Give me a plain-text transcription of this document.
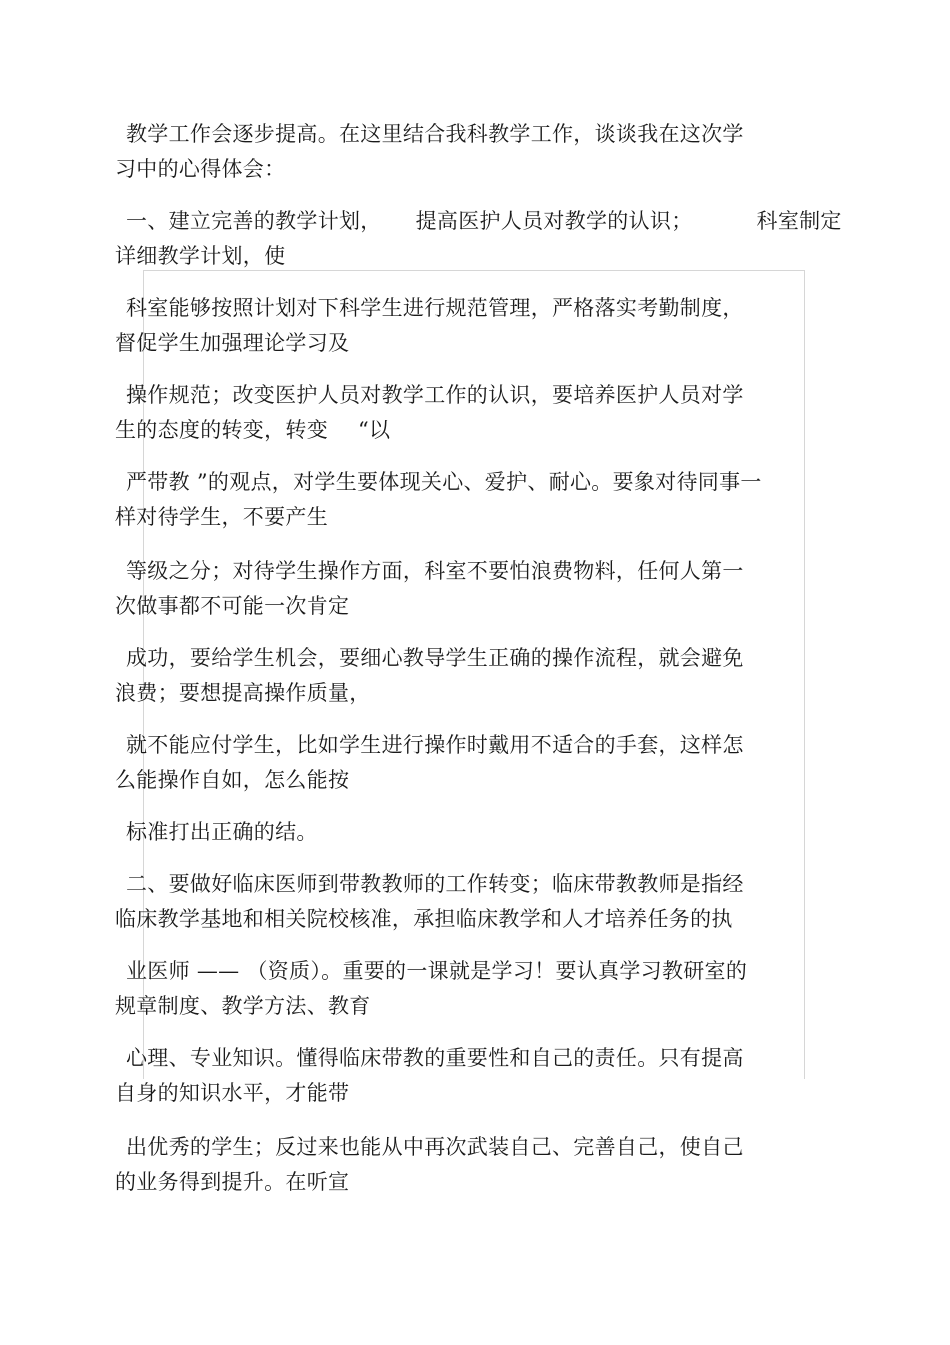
教学工作会逐步提高。在这里结合我科教学工作，谈谈我在这次学
习中的心得体会：
一、建立完善的教学计划， 提高医护人员对教学的认识；	科室制定
详细教学计划，使
科室能够按照计划对下科学生进行规范管理，严格落实考勤制度，
督促学生加强理论学习及
操作规范；改变医护人员对教学工作的认识，要培养医护人员对学
生的态度的转变，转变 “以
严带教 ”的观点，对学生要体现关心、爱护、耐心。要象对待同事一
样对待学生，不要产生
等级之分；对待学生操作方面，科室不要怕浪费物料，任何人第一
次做事都不可能一次肯定
成功，要给学生机会，要细心教导学生正确的操作流程，就会避免
浪费；要想提高操作质量，
就不能应付学生，比如学生进行操作时戴用不适合的手套，这样怎
么能操作自如，怎么能按
标准打出正确的结。
二、要做好临床医师到带教教师的工作转变；临床带教教师是指经
临床教学基地和相关院校核准，承担临床教学和人才培养任务的执
业医师 —— （资质）。重要的一课就是学习！要认真学习教研室的
规章制度、教学方法、教育
心理、专业知识。懂得临床带教的重要性和自己的责任。只有提高
自身的知识水平，才能带
出优秀的学生；反过来也能从中再次武装自己、完善自己，使自己
的业务得到提升。在听宣
